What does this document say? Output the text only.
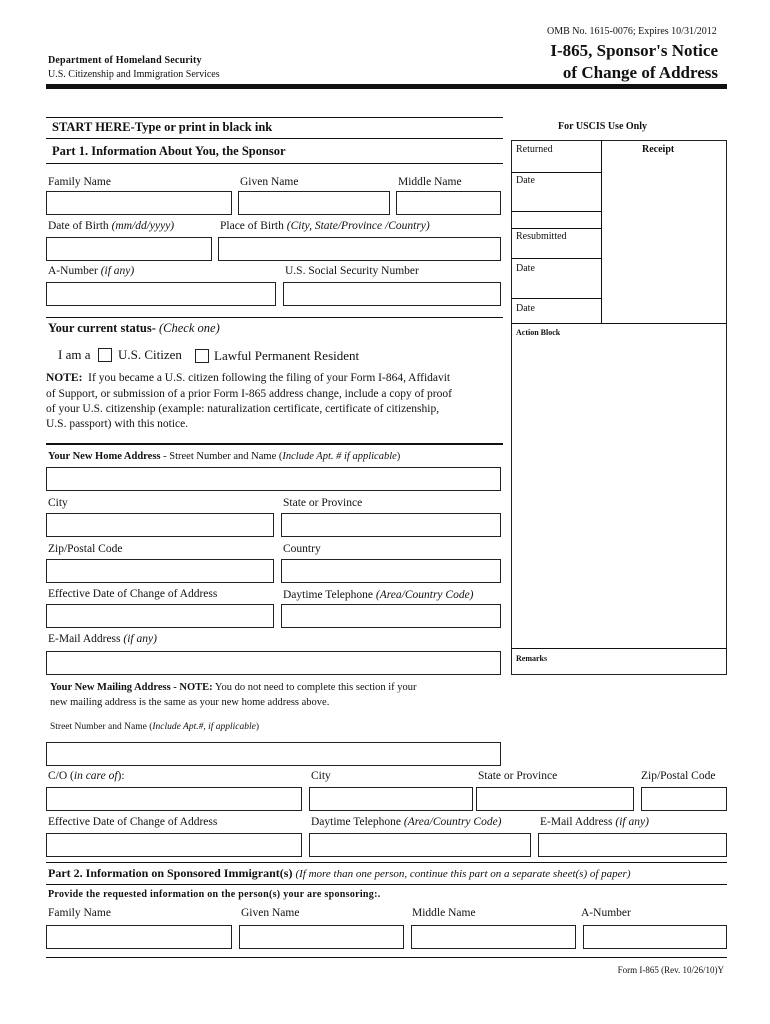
OMB No. 1615-0076; Expires 10/31/2012
Department of Homeland Security
U.S. Citizenship and Immigration Services
I-865, Sponsor's Notice
of Change of Address
START HERE-Type or print in black ink
Part 1. Information About You, the Sponsor
For USCIS Use Only
Returned	Receipt
Date
Resubmitted
Date
Date
Action Block
Remarks
Family Name	Given Name	Middle Name
Date of Birth (mm/dd/yyyy)	Place of Birth (City, State/Province /Country)
A-Number (if any)	U.S. Social Security Number
Your current status- (Check one)
I am a U.S. Citizen Lawful Permanent Resident
NOTE: If you became a U.S. citizen following the filing of your Form I-864, Affidavit
of Support, or submission of a prior Form I-865 address change, include a copy of proof
of your U.S. citizenship (example: naturalization certificate, certificate of citizenship,
U.S. passport) with this notice.
Your New Home Address - Street Number and Name (Include Apt. # if applicable)
City	State or Province
Zip/Postal Code	Country
Effective Date of Change of Address	Daytime Telephone (Area/Country Code)
E-Mail Address (if any)
Your New Mailing Address - NOTE: You do not need to complete this section if your
new mailing address is the same as your new home address above.
Street Number and Name (Include Apt.#, if applicable)
C/O (in care of):	City	State or Province	Zip/Postal Code
Effective Date of Change of Address	Daytime Telephone (Area/Country Code)	E-Mail Address (if any)
Part 2. Information on Sponsored Immigrant(s) (If more than one person, continue this part on a separate sheet(s) of paper)
Provide the requested information on the person(s) your are sponsoring:.
Family Name	Given Name	Middle Name	A-Number
Form I-865 (Rev. 10/26/10)Y
